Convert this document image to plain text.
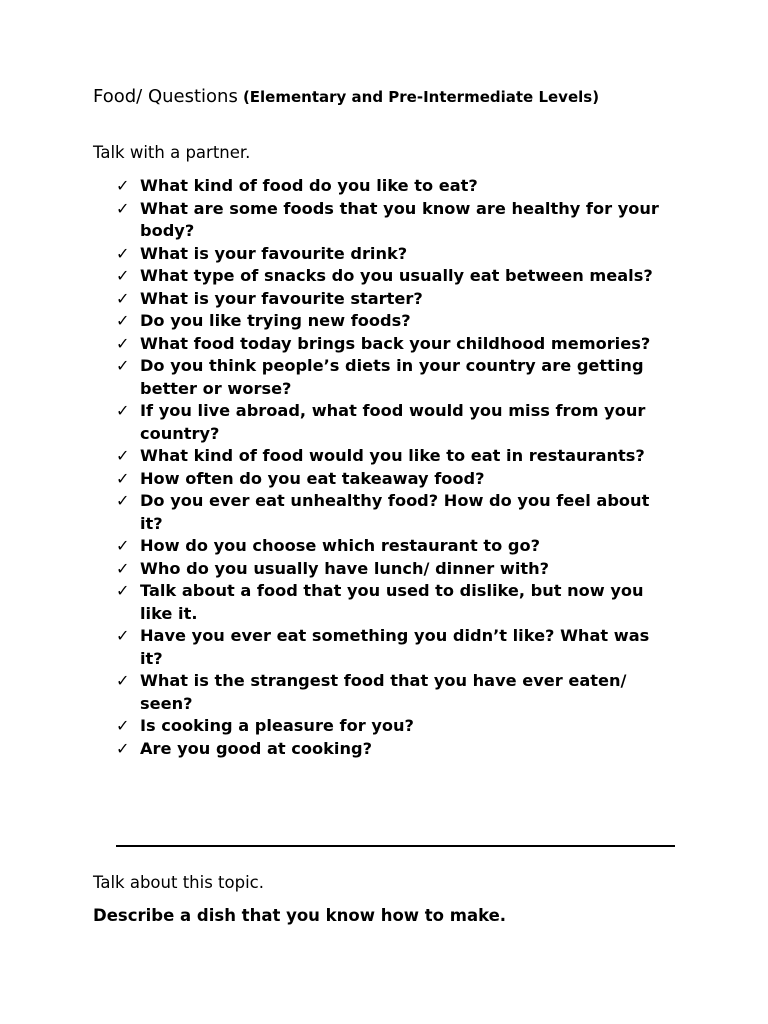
Food/ Questions (Elementary and Pre-Intermediate Levels)

Talk with a partner.

✓ What kind of food do you like to eat?
✓ What are some foods that you know are healthy for your body?
✓ What is your favourite drink?
✓ What type of snacks do you usually eat between meals?
✓ What is your favourite starter?
✓ Do you like trying new foods?
✓ What food today brings back your childhood memories?
✓ Do you think people’s diets in your country are getting better or worse?
✓ If you live abroad, what food would you miss from your country?
✓ What kind of food would you like to eat in restaurants?
✓ How often do you eat takeaway food?
✓ Do you ever eat unhealthy food? How do you feel about it?
✓ How do you choose which restaurant to go?
✓ Who do you usually have lunch/ dinner with?
✓ Talk about a food that you used to dislike, but now you like it.
✓ Have you ever eat something you didn’t like? What was it?
✓ What is the strangest food that you have ever eaten/ seen?
✓ Is cooking a pleasure for you?
✓ Are you good at cooking?

Talk about this topic.

Describe a dish that you know how to make.
